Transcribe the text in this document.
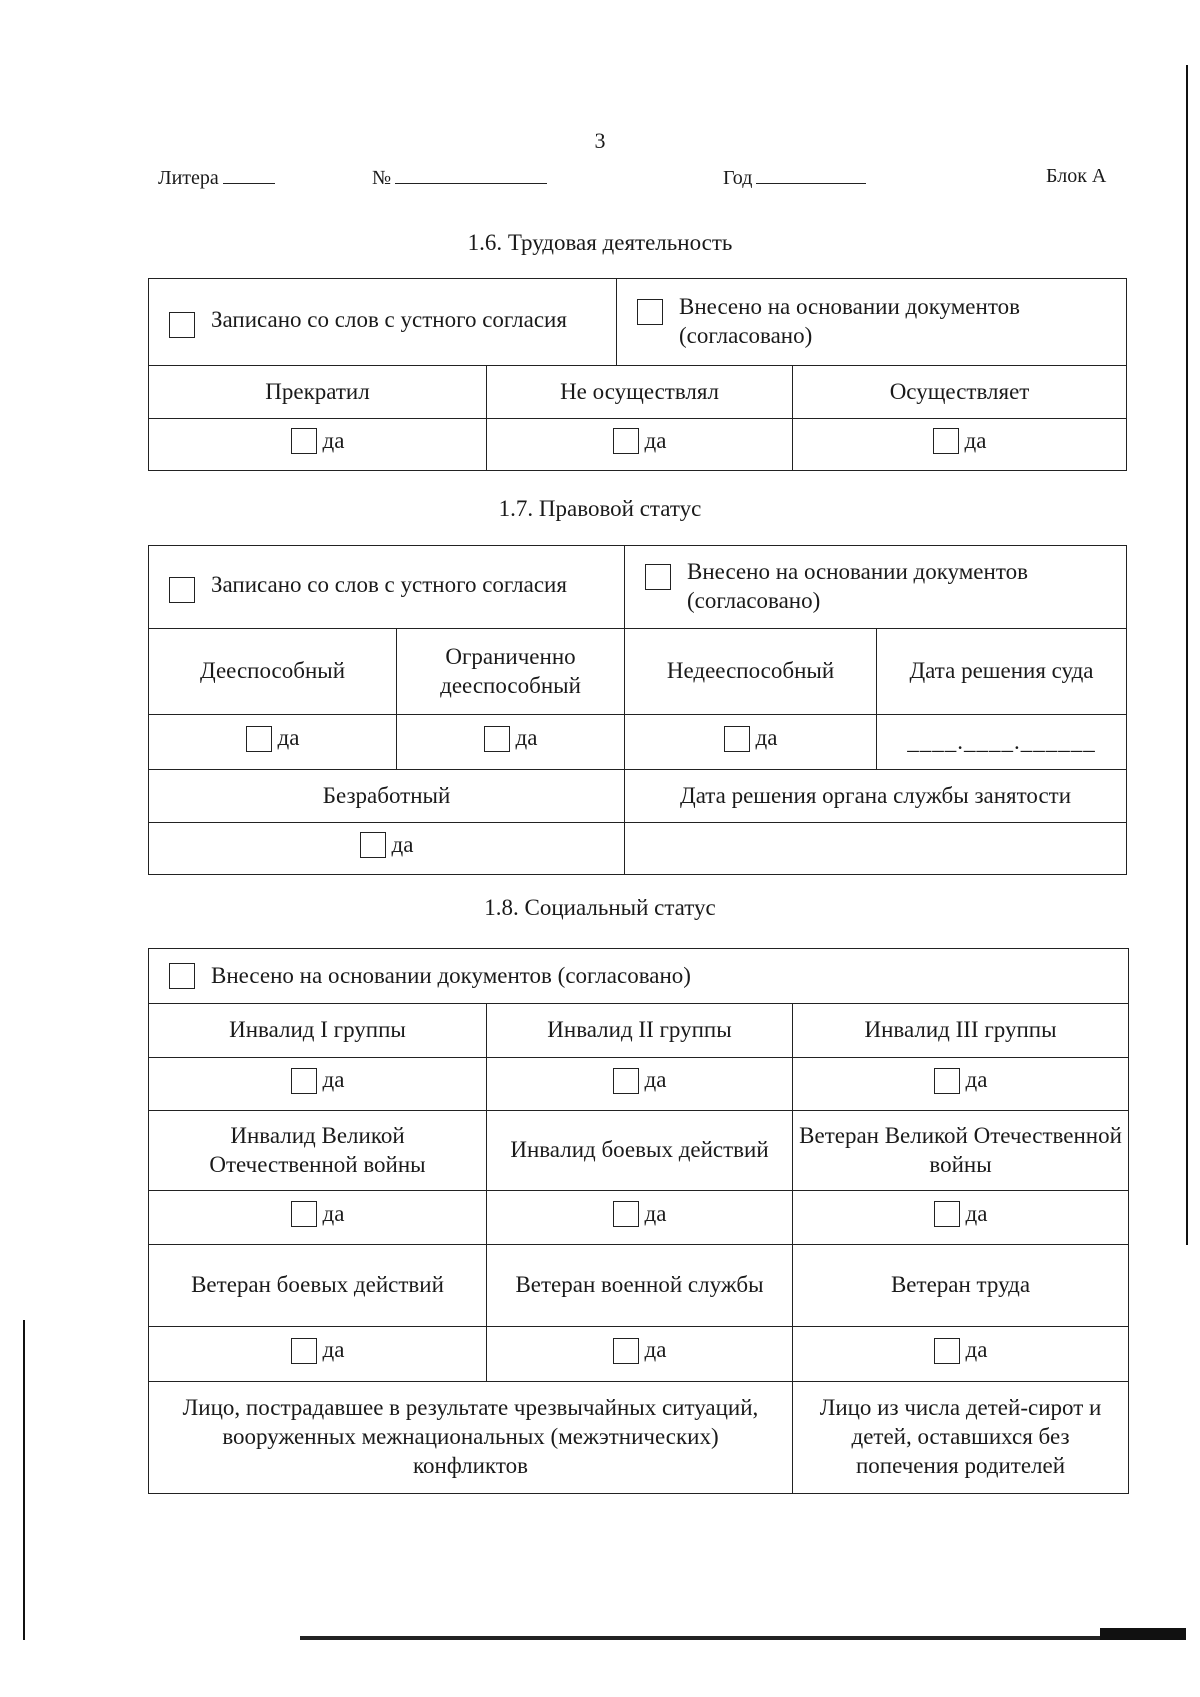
3
Литера	№	Год	Блок А
1.6. Трудовая деятельность
Записано со слов с устного согласия		Внесено на основании документов (согласовано)	

Прекратил	Не осуществлял		Осуществляет

да	да		да
1.7. Правовой статус
Записано со слов с устного согласия		Внесено на основании документов (согласовано)	

Дееспособный	Ограниченно дееспособный	Недееспособный	Дата решения суда

да	да	да	____.____.______
Безработный		Дата решения органа службы занятости	

да			

1.8. Социальный статус
Внесено на основании документов (согласовано)		

Инвалид I группы	Инвалид II группы	Инвалид III группы

да	да	да

Инвалид Великой Отечественной войны	Инвалид боевых действий	Ветеран Великой Отечественной войны

да	да	да

Ветеран боевых действий	Ветеран военной службы	Ветеран труда

да	да	да

Лицо, пострадавшее в результате чрезвычайных ситуаций, вооруженных межнациональных (межэтнических) конфликтов		Лицо из числа детей-сирот и детей, оставшихся без попечения родителей
